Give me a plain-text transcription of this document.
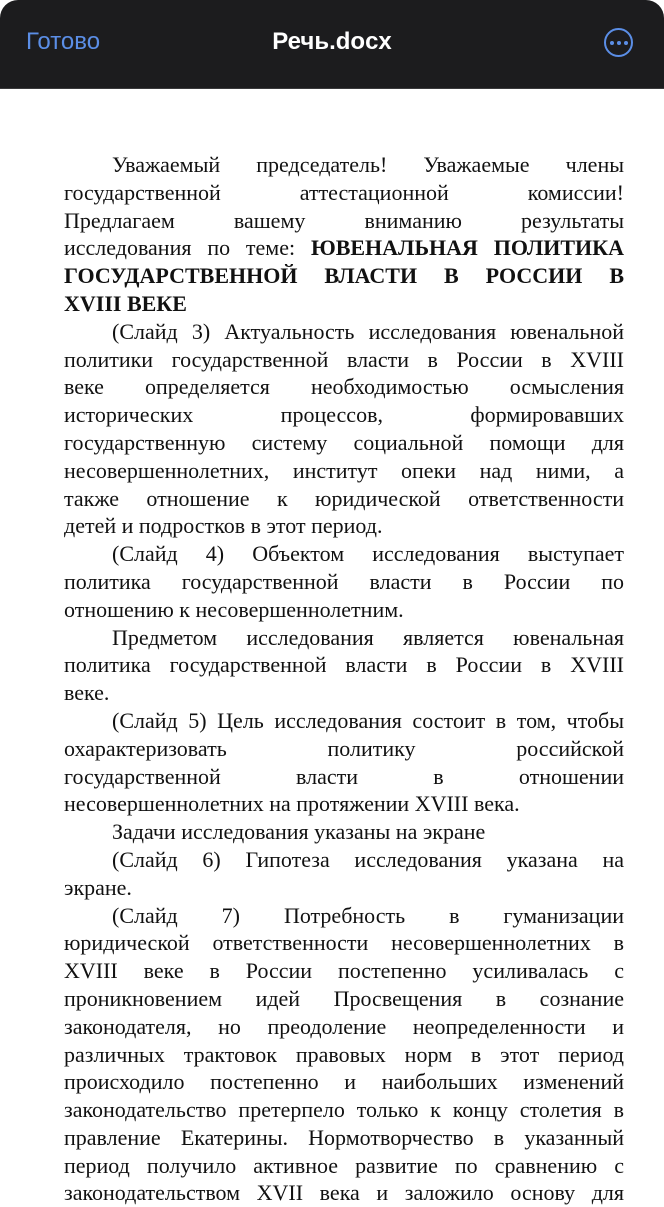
Готово	Речь.docx
Уважаемый председатель! Уважаемые члены
государственной аттестационной комиссии!
Предлагаем вашему вниманию результаты
исследования по теме: ЮВЕНАЛЬНАЯ ПОЛИТИКА
ГОСУДАРСТВЕННОЙ ВЛАСТИ В РОССИИ В
XVIII ВЕКЕ
(Слайд 3) Актуальность исследования ювенальной
политики государственной власти в России в XVIII
веке определяется необходимостью осмысления
исторических процессов, формировавших
государственную систему социальной помощи для
несовершеннолетних, институт опеки над ними, а
также отношение к юридической ответственности
детей и подростков в этот период.
(Слайд 4) Объектом исследования выступает
политика государственной власти в России по
отношению к несовершеннолетним.
Предметом исследования является ювенальная
политика государственной власти в России в XVIII
веке.
(Слайд 5) Цель исследования состоит в том, чтобы
охарактеризовать политику российской
государственной власти в отношении
несовершеннолетних на протяжении XVIII века.
Задачи исследования указаны на экране
(Слайд 6) Гипотеза исследования указана на
экране.
(Слайд 7) Потребность в гуманизации
юридической ответственности несовершеннолетних в
XVIII веке в России постепенно усиливалась с
проникновением идей Просвещения в сознание
законодателя, но преодоление неопределенности и
различных трактовок правовых норм в этот период
происходило постепенно и наибольших изменений
законодательство претерпело только к концу столетия в
правление Екатерины. Нормотворчество в указанный
период получило активное развитие по сравнению с
законодательством XVII века и заложило основу для
